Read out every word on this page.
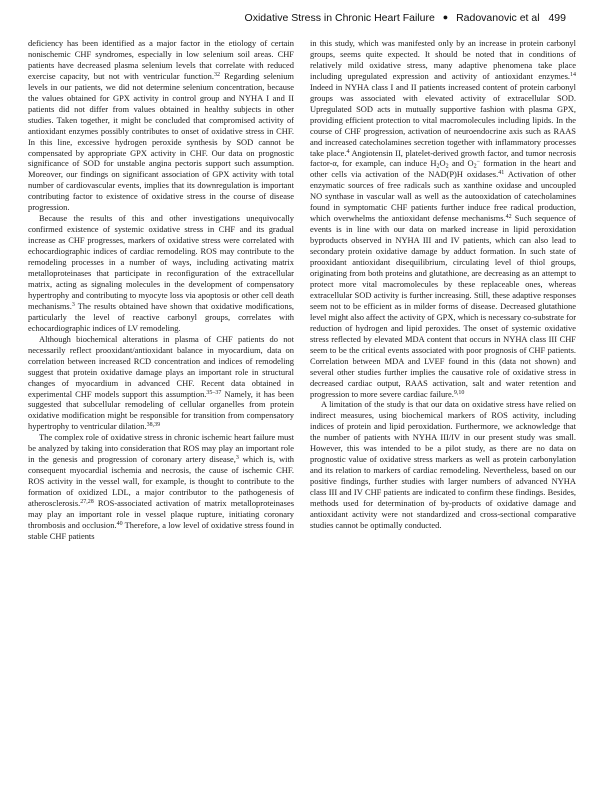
Oxidative Stress in Chronic Heart Failure ● Radovanovic et al 499

deficiency has been identified as a major factor in the etiology of certain nonischemic CHF syndromes, especially in low selenium soil areas. CHF patients have decreased plasma selenium levels that correlate with reduced exercise capacity, but not with ventricular function.$^{32}$ Regarding selenium levels in our patients, we did not determine selenium concentration, because the values obtained for GPX activity in control group and NYHA I and II patients did not differ from values obtained in healthy subjects in other studies. Taken together, it might be concluded that compromised activity of antioxidant enzymes possibly contributes to onset of oxidative stress in CHF. In this line, excessive hydrogen peroxide synthesis by SOD cannot be compensated by appropriate GPX activity in CHF. Our data on prognostic significance of SOD for unstable angina pectoris support such assumption. Moreover, our findings on significant association of GPX activity with total number of cardiovascular events, implies that its downregulation is important contributing factor to existence of oxidative stress in the course of disease progression.

Because the results of this and other investigations unequivocally confirmed existence of systemic oxidative stress in CHF and its gradual increase as CHF progresses, markers of oxidative stress were correlated with echocardiographic indices of cardiac remodeling. ROS may contribute to the remodeling processes in a number of ways, including activating matrix metalloproteinases that participate in reconfiguration of the extracellular matrix, acting as signaling molecules in the development of compensatory hypertrophy and contributing to myocyte loss via apoptosis or other cell death mechanisms.$^3$ The results obtained have shown that oxidative modifications, particularly the level of reactive carbonyl groups, correlates with echocardiographic indices of LV remodeling.

Although biochemical alterations in plasma of CHF patients do not necessarily reflect prooxidant/antioxidant balance in myocardium, data on correlation between increased RCD concentration and indices of remodeling suggest that protein oxidative damage plays an important role in structural changes of myocardium in advanced CHF. Recent data obtained in experimental CHF models support this assumption.$^{35-37}$ Namely, it has been suggested that subcellular remodeling of cellular organelles from protein oxidative modification might be responsible for transition from compensatory hypertrophy to ventricular dilation.$^{38,39}$

The complex role of oxidative stress in chronic ischemic heart failure must be analyzed by taking into consideration that ROS may play an important role in the genesis and progression of coronary artery disease,$^3$ which is, with consequent myocardial ischemia and necrosis, the cause of ischemic CHF. ROS activity in the vessel wall, for example, is thought to contribute to the formation of oxidized LDL, a major contributor to the pathogenesis of atherosclerosis.$^{27,28}$ ROS-associated activation of matrix metalloproteinases may play an important role in vessel plaque rupture, initiating coronary thrombosis and occlusion.$^{40}$ Therefore, a low level of oxidative stress found in stable CHF patients

in this study, which was manifested only by an increase in protein carbonyl groups, seems quite expected. It should be noted that in conditions of relatively mild oxidative stress, many adaptive phenomena take place including upregulated expression and activity of antioxidant enzymes.$^{14}$ Indeed in NYHA class I and II patients increased content of protein carbonyl groups was associated with elevated activity of extracellular SOD. Upregulated SOD acts in mutually supportive fashion with plasma GPX, providing efficient protection to vital macromolecules including lipids. In the course of CHF progression, activation of neuroendocrine axis such as RAAS and increased catecholamines secretion together with inflammatory processes take place.$^4$ Angiotensin II, platelet-derived growth factor, and tumor necrosis factor-α, for example, can induce $H_2O_2$ and $O_2^-$ formation in the heart and other cells via activation of the NAD(P)H oxidases.$^{41}$ Activation of other enzymatic sources of free radicals such as xanthine oxidase and uncoupled NO synthase in vascular wall as well as the autooxidation of catecholamines found in symptomatic CHF patients further induce free radical production, which overwhelms the antioxidant defense mechanisms.$^{42}$ Such sequence of events is in line with our data on marked increase in lipid peroxidation byproducts observed in NYHA III and IV patients, which can also lead to secondary protein oxidative damage by adduct formation. In such state of prooxidant antioxidant disequilibrium, circulating level of thiol groups, originating from both proteins and glutathione, are decreasing as an attempt to protect more vital macromolecules by these replaceable ones, whereas extracellular SOD activity is further increasing. Still, these adaptive responses seem not to be efficient as in milder forms of disease. Decreased glutathione level might also affect the activity of GPX, which is necessary co-substrate for reduction of hydrogen and lipid peroxides. The onset of systemic oxidative stress reflected by elevated MDA content that occurs in NYHA class III CHF seem to be the critical events associated with poor prognosis of CHF patients. Correlation between MDA and LVEF found in this (data not shown) and several other studies further implies the causative role of oxidative stress in decreased cardiac output, RAAS activation, salt and water retention and progression to more severe cardiac failure.$^{9,10}$

A limitation of the study is that our data on oxidative stress have relied on indirect measures, using biochemical markers of ROS activity, including indices of protein and lipid peroxidation. Furthermore, we acknowledge that the number of patients with NYHA III/IV in our present study was small. However, this was intended to be a pilot study, as there are no data on prognostic value of oxidative stress markers as well as protein carbonylation and its relation to markers of cardiac remodeling. Nevertheless, based on our positive findings, further studies with larger numbers of advanced NYHA class III and IV CHF patients are indicated to confirm these findings. Besides, methods used for determination of by-products of oxidative damage and antioxidant activity were not standardized and cross-sectional comparative studies cannot be optimally conducted.
